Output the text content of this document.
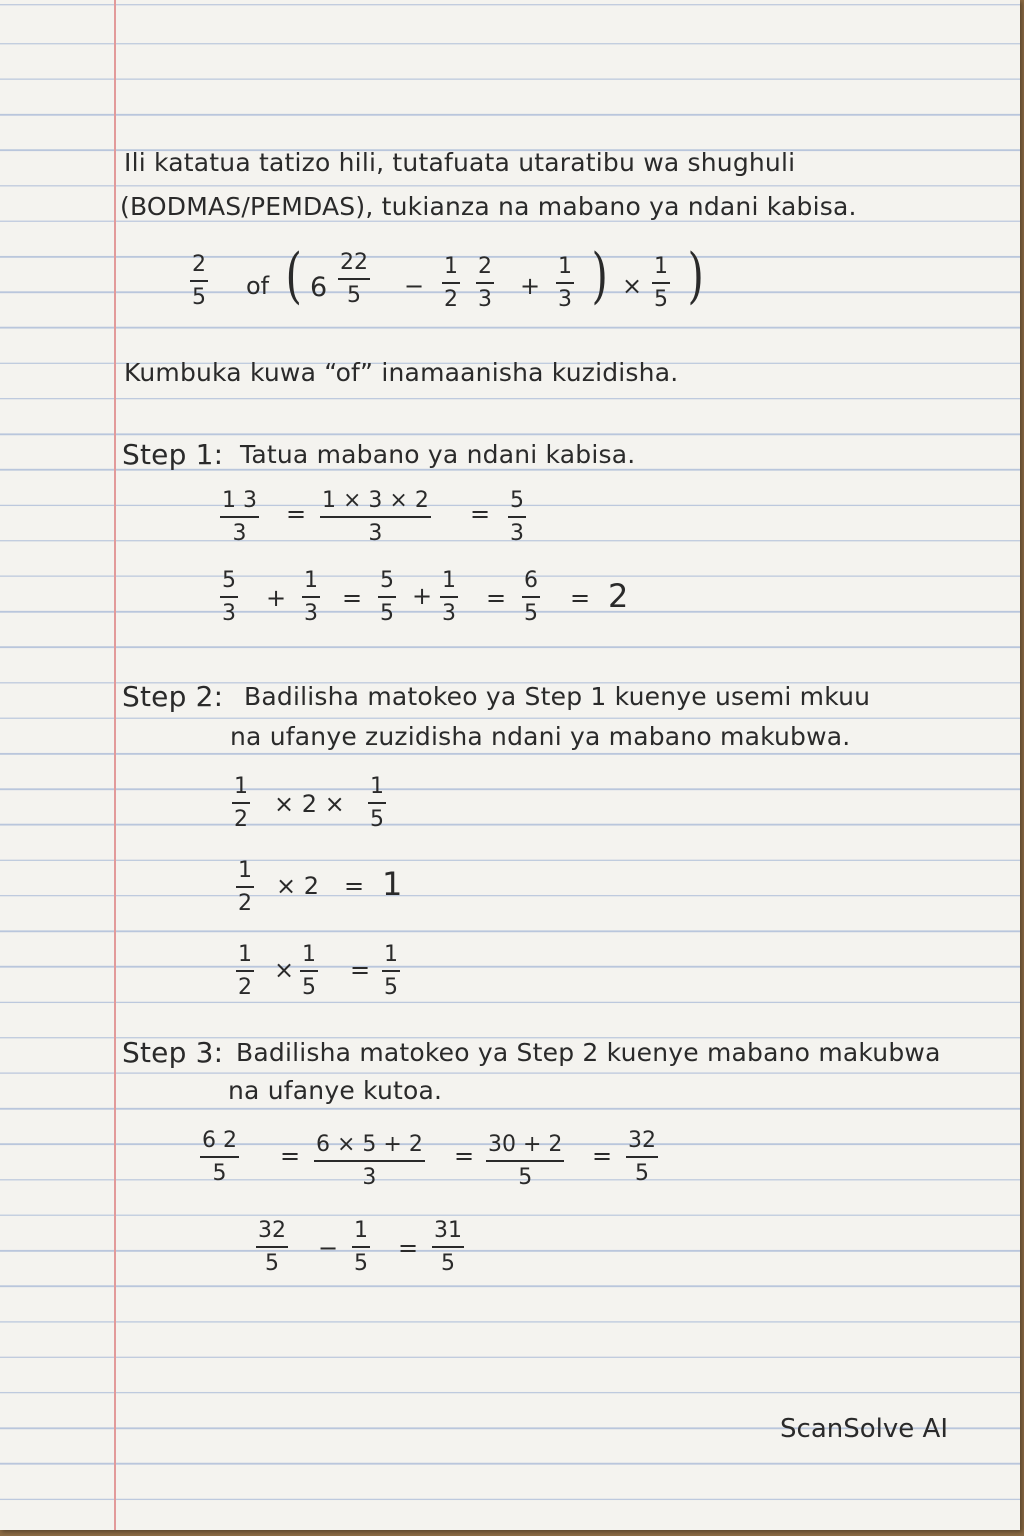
Ili katatua tatizo hili, tutafuata utaratibu wa shughuli
(BODMAS/PEMDAS), tukianza na mabano ya ndani kabisa.
$\frac{2}{5}$ of ( $6 \frac{22}{5} - \frac{1}{2} \frac{2}{3} + \frac{1}{3}$ ) × $\frac{1}{5}$ )
Kumbuka kuwa “of” inamaanisha kuzidisha.
Step 1: Tatua mabano ya ndani kabisa.
$\frac{1 3}{3} = \frac{1 \times 3 \times 2}{3} = \frac{5}{3}$
$\frac{5}{3} + \frac{1}{3} = \frac{5}{5} + \frac{1}{3} = \frac{6}{5} = 2$
Step 2: Badilisha matokeo ya Step 1 kuenye usemi mkuu
na ufanye zuzidisha ndani ya mabano makubwa.
$\frac{1}{2} \times 2 \times \frac{1}{5}$
$\frac{1}{2} \times 2 = 1$
$\frac{1}{2} \times \frac{1}{5} = \frac{1}{5}$
Step 3: Badilisha matokeo ya Step 2 kuenye mabano makubwa
na ufanye kutoa.
$\frac{6 2}{5} = \frac{6 \times 5 + 2}{3} = \frac{30 + 2}{5} = \frac{32}{5}$
$\frac{32}{5} - \frac{1}{5} = \frac{31}{5}$
ScanSolve AI
